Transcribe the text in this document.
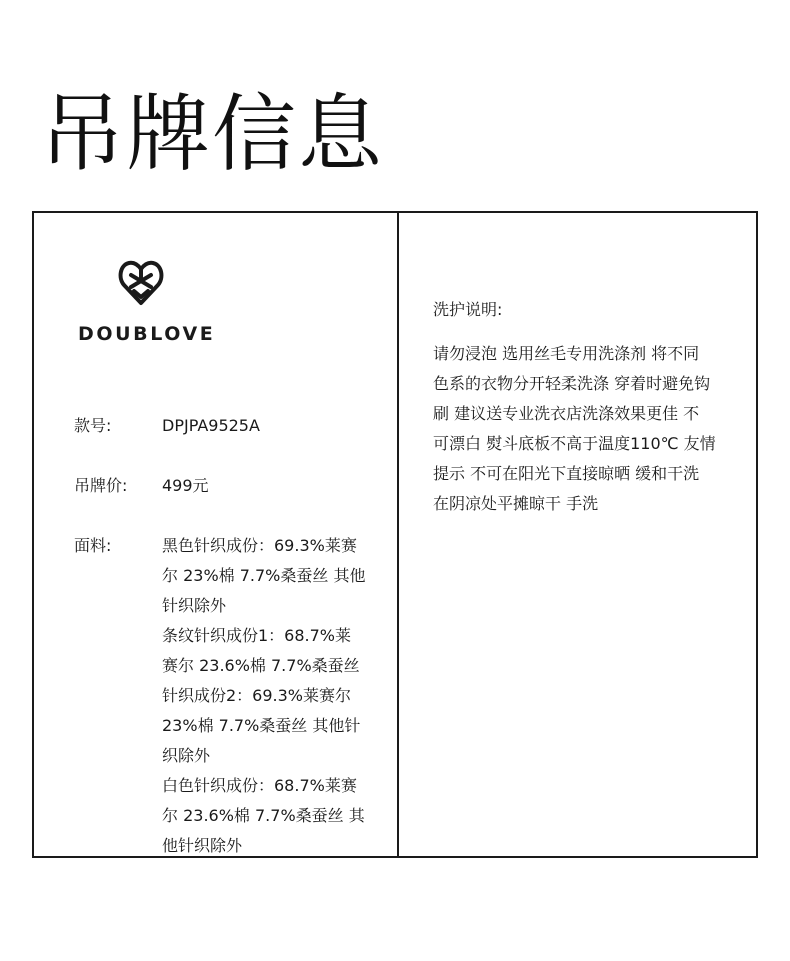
吊牌信息
DOUBLOVE
款号:	DPJPA9525A
吊牌价: 499元
面料:	黑色针织成份：69.3%莱赛
尔 23%棉 7.7%桑蚕丝 其他
针织除外
条纹针织成份1：68.7%莱
赛尔 23.6%棉 7.7%桑蚕丝
针织成份2：69.3%莱赛尔
23%棉 7.7%桑蚕丝 其他针
织除外
白色针织成份：68.7%莱赛
尔 23.6%棉 7.7%桑蚕丝 其
他针织除外
洗护说明:
请勿浸泡 选用丝毛专用洗涤剂 将不同
色系的衣物分开轻柔洗涤 穿着时避免钩
刷 建议送专业洗衣店洗涤效果更佳 不
可漂白 熨斗底板不高于温度110℃ 友情
提示 不可在阳光下直接晾晒 缓和干洗
在阴凉处平摊晾干 手洗
